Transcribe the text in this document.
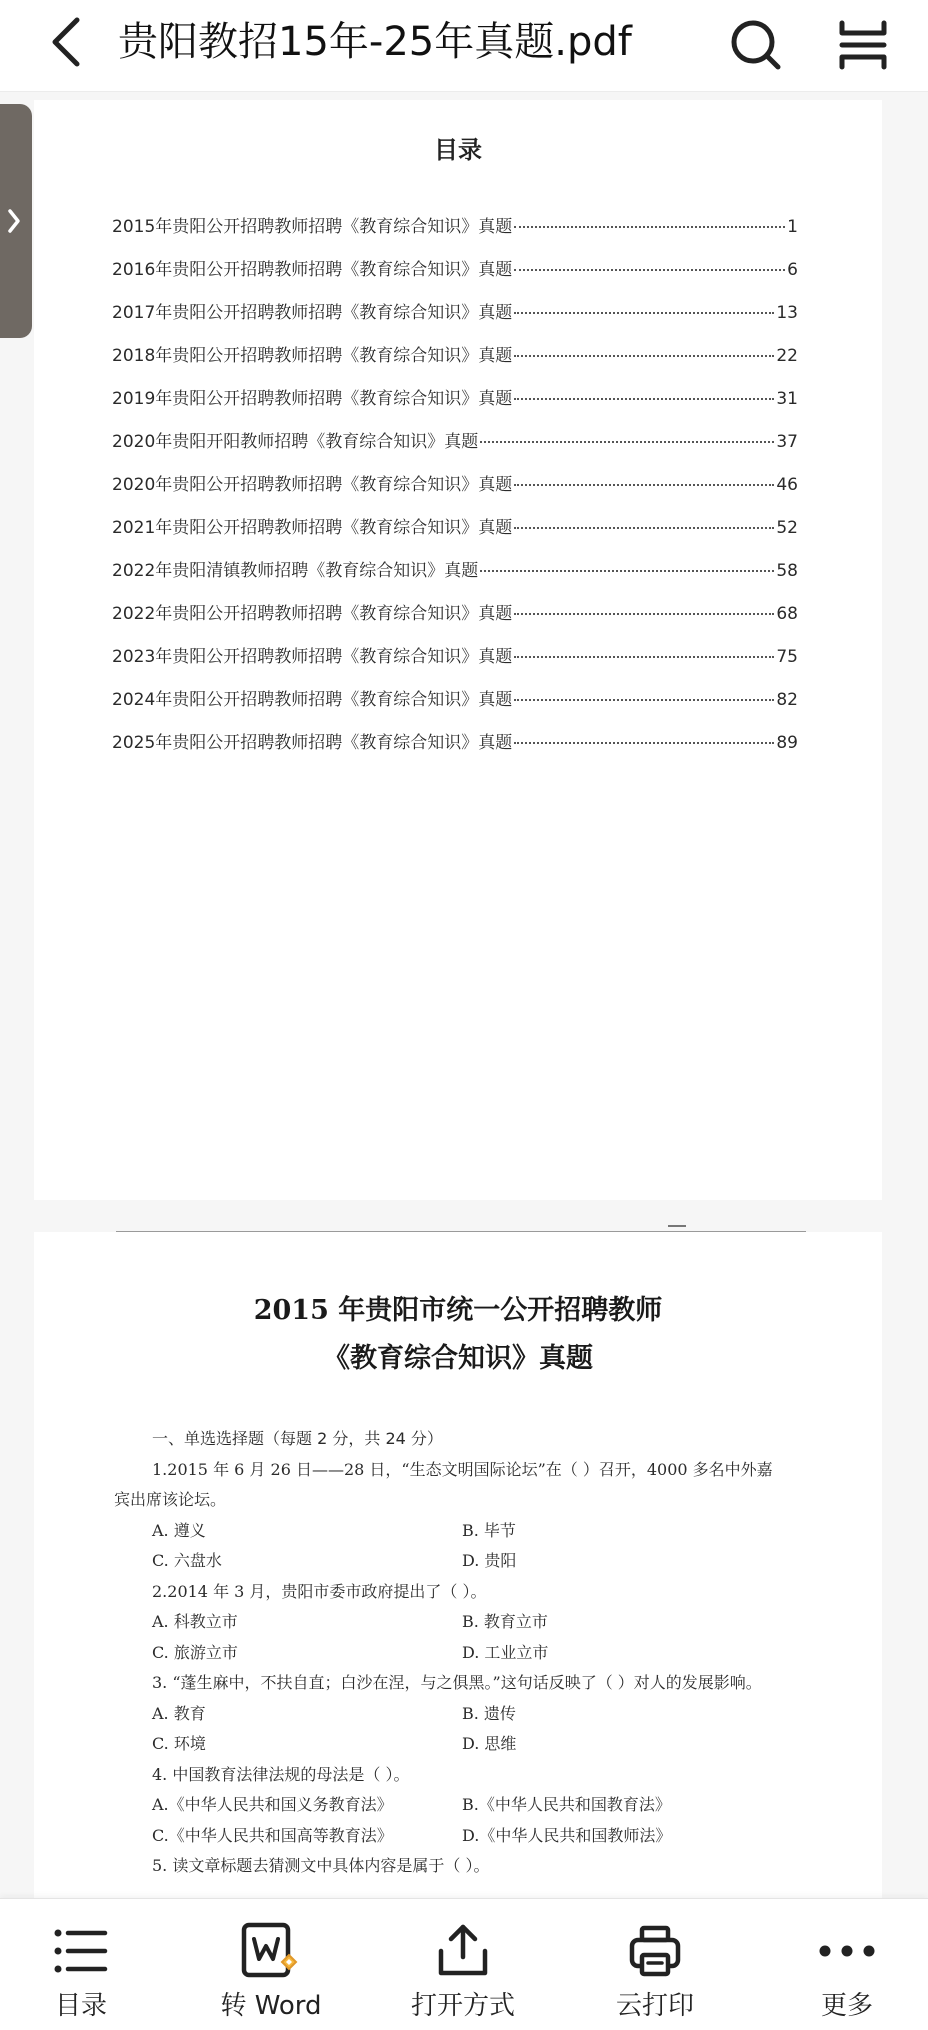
贵阳教招15年-25年真题.pdf
目录
2015年贵阳公开招聘教师招聘《教育综合知识》真题	1
2016年贵阳公开招聘教师招聘《教育综合知识》真题	6
2017年贵阳公开招聘教师招聘《教育综合知识》真题	13
2018年贵阳公开招聘教师招聘《教育综合知识》真题	22
2019年贵阳公开招聘教师招聘《教育综合知识》真题	31
2020年贵阳开阳教师招聘《教育综合知识》真题	37
2020年贵阳公开招聘教师招聘《教育综合知识》真题	46
2021年贵阳公开招聘教师招聘《教育综合知识》真题	52
2022年贵阳清镇教师招聘《教育综合知识》真题	58
2022年贵阳公开招聘教师招聘《教育综合知识》真题	68
2023年贵阳公开招聘教师招聘《教育综合知识》真题	75
2024年贵阳公开招聘教师招聘《教育综合知识》真题	82
2025年贵阳公开招聘教师招聘《教育综合知识》真题	89
2015 年贵阳市统一公开招聘教师
《教育综合知识》真题
一、单选选择题（每题 2 分，共 24 分）
1.2015 年 6 月 26 日——28 日，“生态文明国际论坛”在（ ）召开，4000 多名中外嘉
宾出席该论坛。
A. 遵义	B. 毕节
C. 六盘水	D. 贵阳
2.2014 年 3 月，贵阳市委市政府提出了（ ）。
A. 科教立市	B. 教育立市
C. 旅游立市	D. 工业立市
3. “蓬生麻中，不扶自直；白沙在涅，与之俱黑。”这句话反映了（ ）对人的发展影响。
A. 教育	B. 遗传
C. 环境	D. 思维
4. 中国教育法律法规的母法是（ ）。
A.《中华人民共和国义务教育法》	B.《中华人民共和国教育法》
C.《中华人民共和国高等教育法》	D.《中华人民共和国教师法》
5. 读文章标题去猜测文中具体内容是属于（ ）。
目录	转 Word	打开方式	云打印	更多
